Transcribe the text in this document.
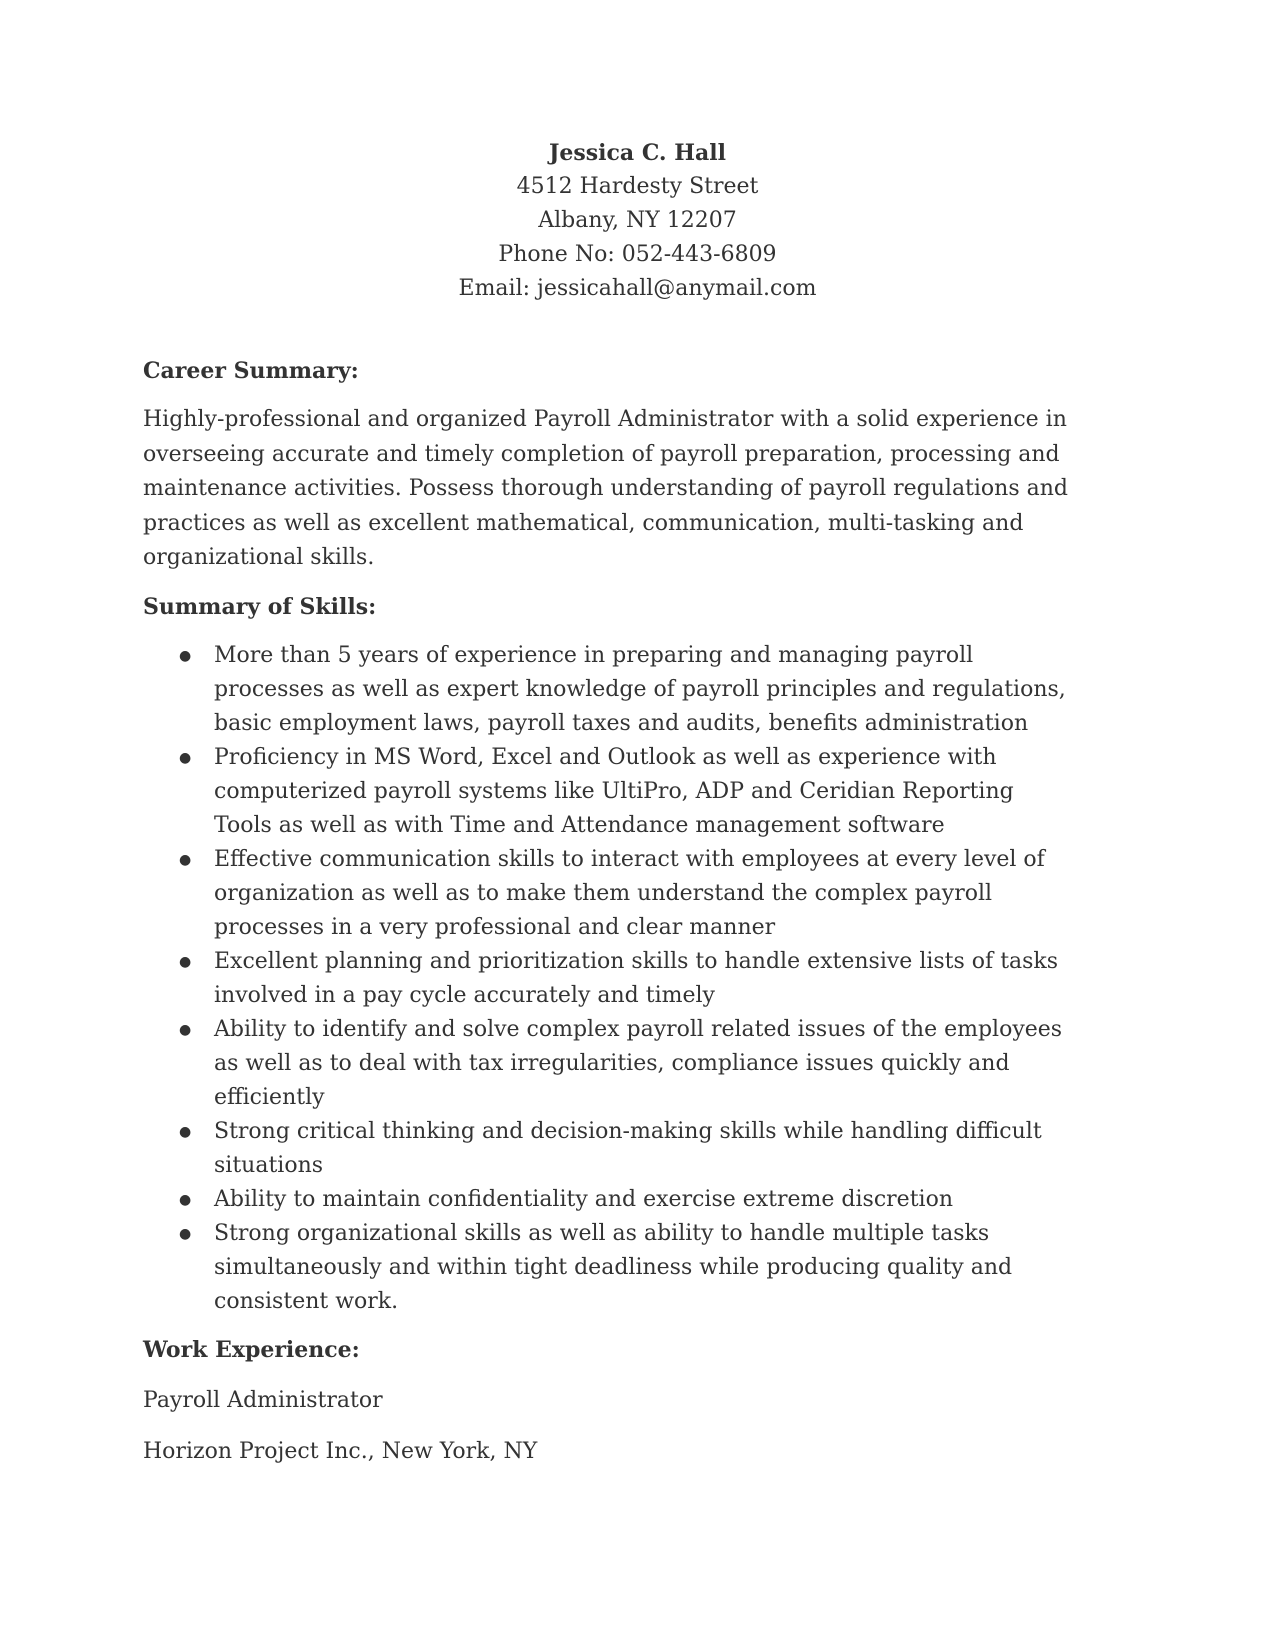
Jessica C. Hall
4512 Hardesty Street
Albany, NY 12207
Phone No: 052-443-6809
Email: jessicahall@anymail.com
Career Summary:

Highly-professional and organized Payroll Administrator with a solid experience in overseeing accurate and timely completion of payroll preparation, processing and maintenance activities. Possess thorough understanding of payroll regulations and practices as well as excellent mathematical, communication, multi-tasking and organizational skills.

Summary of Skills:
● More than 5 years of experience in preparing and managing payroll processes as well as expert knowledge of payroll principles and regulations, basic employment laws, payroll taxes and audits, benefits administration
● Proficiency in MS Word, Excel and Outlook as well as experience with computerized payroll systems like UltiPro, ADP and Ceridian Reporting Tools as well as with Time and Attendance management software
● Effective communication skills to interact with employees at every level of organization as well as to make them understand the complex payroll processes in a very professional and clear manner
● Excellent planning and prioritization skills to handle extensive lists of tasks involved in a pay cycle accurately and timely
● Ability to identify and solve complex payroll related issues of the employees as well as to deal with tax irregularities, compliance issues quickly and efficiently
● Strong critical thinking and decision-making skills while handling difficult situations
● Ability to maintain confidentiality and exercise extreme discretion
● Strong organizational skills as well as ability to handle multiple tasks simultaneously and within tight deadliness while producing quality and consistent work.
Work Experience:
Payroll Administrator
Horizon Project Inc., New York, NY
